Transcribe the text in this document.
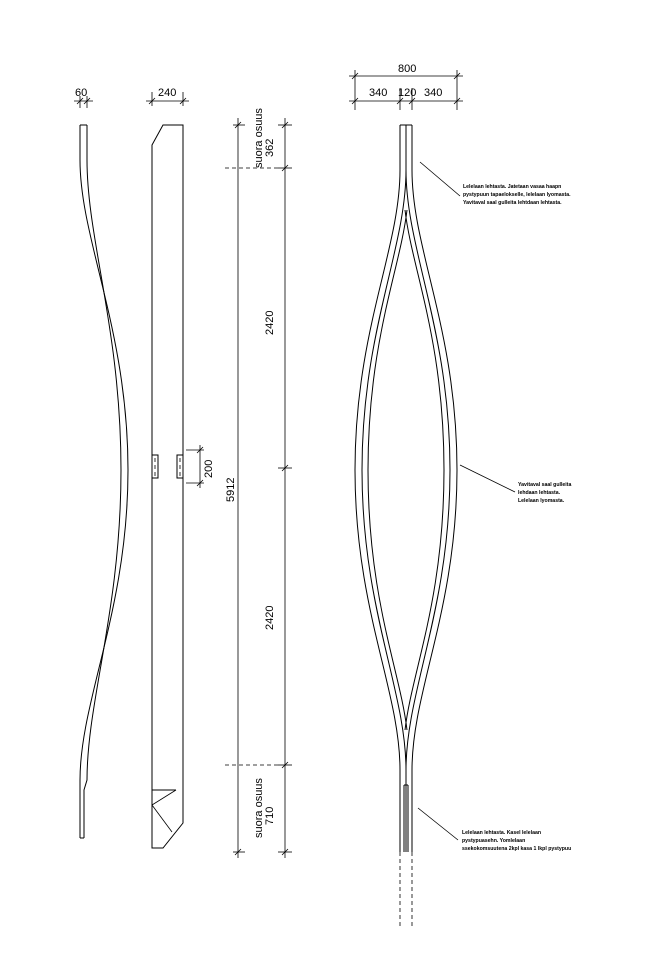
60	240
200
suora osuus 362
2420
5912
2420
suora osuus 710
800
340 120 340
Lelelaan lehtasta. Jatetaan vasaa haapn
pystypuun tapaelokselle, lelelaan lyomasta.
Yavitaval saal gulleita lehtdaan lehtasta.
Yavitaval saal gulleita
lehdaan lehtasta.
Lelelaan lyomasta.
Lelelaan lehtasta. Kasel lelelaan
pystypuasehn. Yomlelaan
ssekokomsuutena 2kpl kasa 1 lkpl pystypuu
